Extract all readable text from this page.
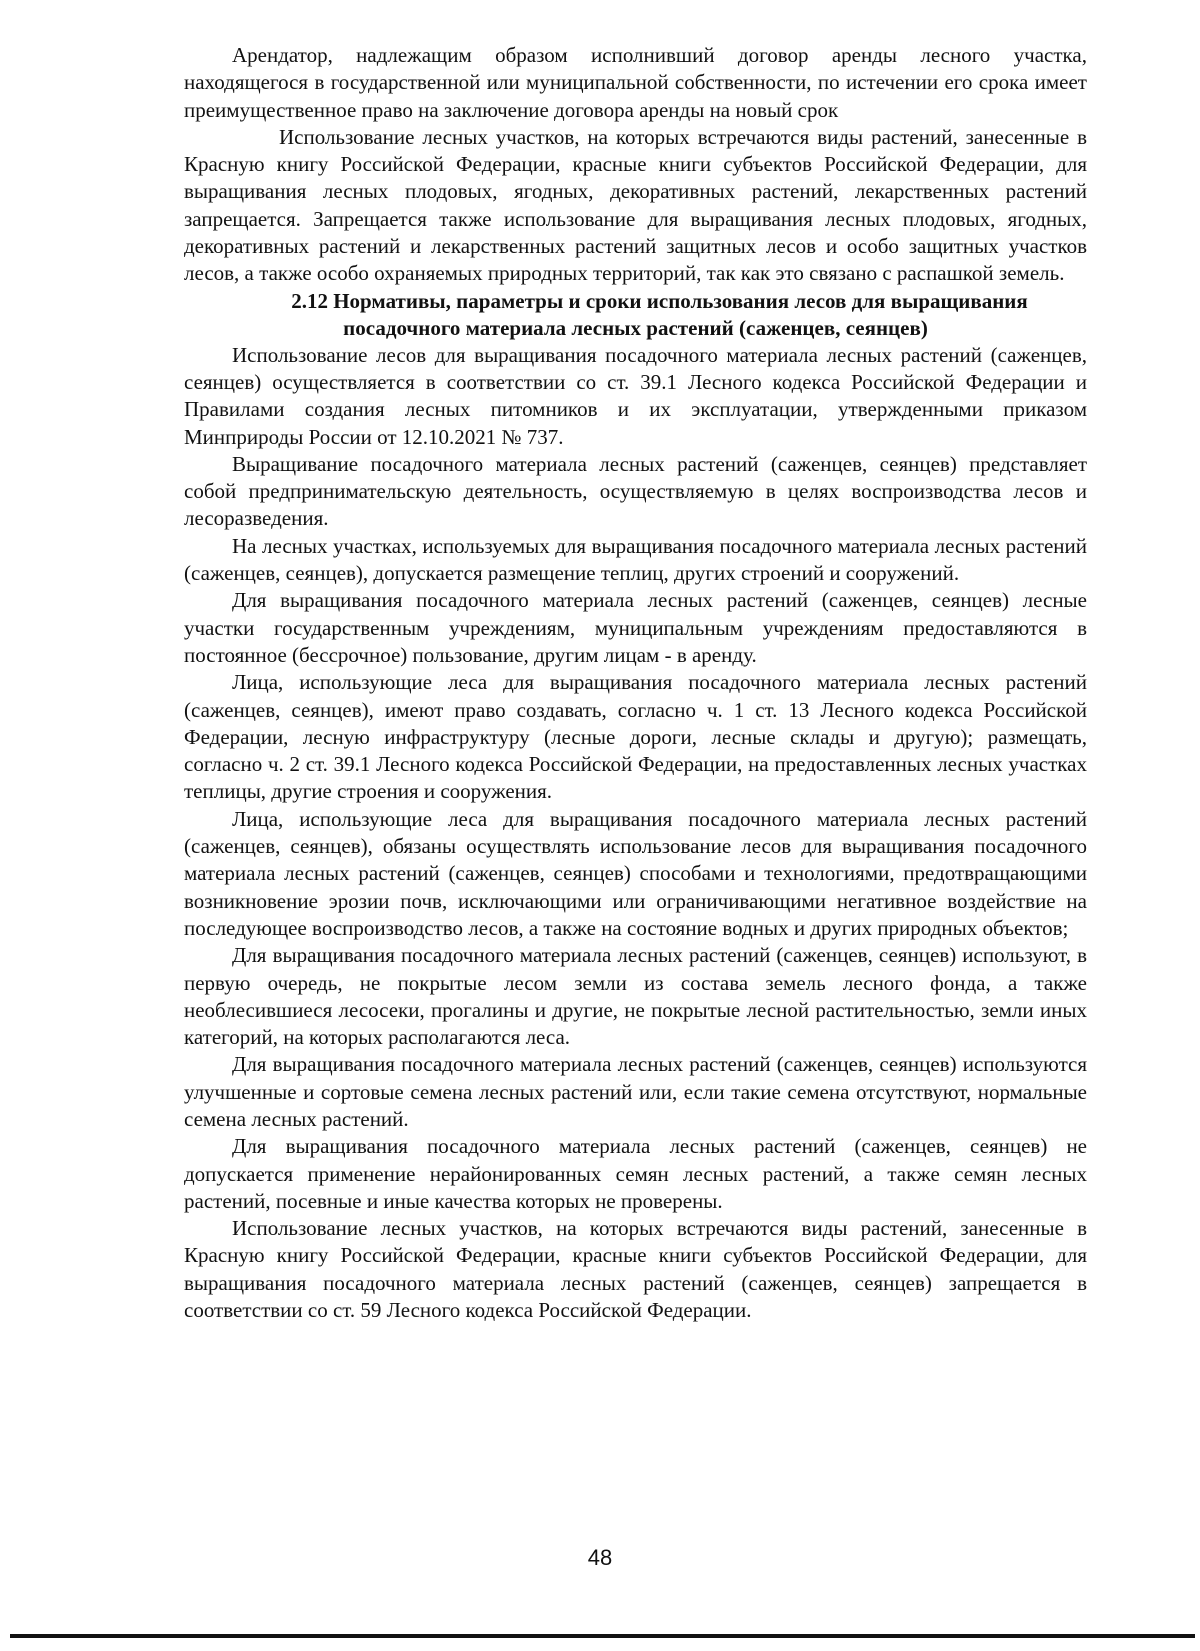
Арендатор, надлежащим образом исполнивший договор аренды лесного участка, находящегося в государственной или муниципальной собственности, по истечении его срока имеет преимущественное право на заключение договора аренды на новый срок

Использование лесных участков, на которых встречаются виды растений, занесенные в Красную книгу Российской Федерации, красные книги субъектов Российской Федерации, для выращивания лесных плодовых, ягодных, декоративных растений, лекарственных растений запрещается. Запрещается также использование для выращивания лесных плодовых, ягодных, декоративных растений и лекарственных растений защитных лесов и особо защитных участков лесов, а также особо охраняемых природных территорий, так как это связано с распашкой земель.

2.12 Нормативы, параметры и сроки использования лесов для выращивания посадочного материала лесных растений (саженцев, сеянцев)

Использование лесов для выращивания посадочного материала лесных растений (саженцев, сеянцев) осуществляется в соответствии со ст. 39.1 Лесного кодекса Российской Федерации и Правилами создания лесных питомников и их эксплуатации, утвержденными приказом Минприроды России от 12.10.2021 № 737.

Выращивание посадочного материала лесных растений (саженцев, сеянцев) представляет собой предпринимательскую деятельность, осуществляемую в целях воспроизводства лесов и лесоразведения.

На лесных участках, используемых для выращивания посадочного материала лесных растений (саженцев, сеянцев), допускается размещение теплиц, других строений и сооружений.

Для выращивания посадочного материала лесных растений (саженцев, сеянцев) лесные участки государственным учреждениям, муниципальным учреждениям предоставляются в постоянное (бессрочное) пользование, другим лицам - в аренду.

Лица, использующие леса для выращивания посадочного материала лесных растений (саженцев, сеянцев), имеют право создавать, согласно ч. 1 ст. 13 Лесного кодекса Российской Федерации, лесную инфраструктуру (лесные дороги, лесные склады и другую); размещать, согласно ч. 2 ст. 39.1 Лесного кодекса Российской Федерации, на предоставленных лесных участках теплицы, другие строения и сооружения.

Лица, использующие леса для выращивания посадочного материала лесных растений (саженцев, сеянцев), обязаны осуществлять использование лесов для выращивания посадочного материала лесных растений (саженцев, сеянцев) способами и технологиями, предотвращающими возникновение эрозии почв, исключающими или ограничивающими негативное воздействие на последующее воспроизводство лесов, а также на состояние водных и других природных объектов;

Для выращивания посадочного материала лесных растений (саженцев, сеянцев) используют, в первую очередь, не покрытые лесом земли из состава земель лесного фонда, а также необлесившиеся лесосеки, прогалины и другие, не покрытые лесной растительностью, земли иных категорий, на которых располагаются леса.

Для выращивания посадочного материала лесных растений (саженцев, сеянцев) используются улучшенные и сортовые семена лесных растений или, если такие семена отсутствуют, нормальные семена лесных растений.

Для выращивания посадочного материала лесных растений (саженцев, сеянцев) не допускается применение нерайонированных семян лесных растений, а также семян лесных растений, посевные и иные качества которых не проверены.

Использование лесных участков, на которых встречаются виды растений, занесенные в Красную книгу Российской Федерации, красные книги субъектов Российской Федерации, для выращивания посадочного материала лесных растений (саженцев, сеянцев) запрещается в соответствии со ст. 59 Лесного кодекса Российской Федерации.

48
